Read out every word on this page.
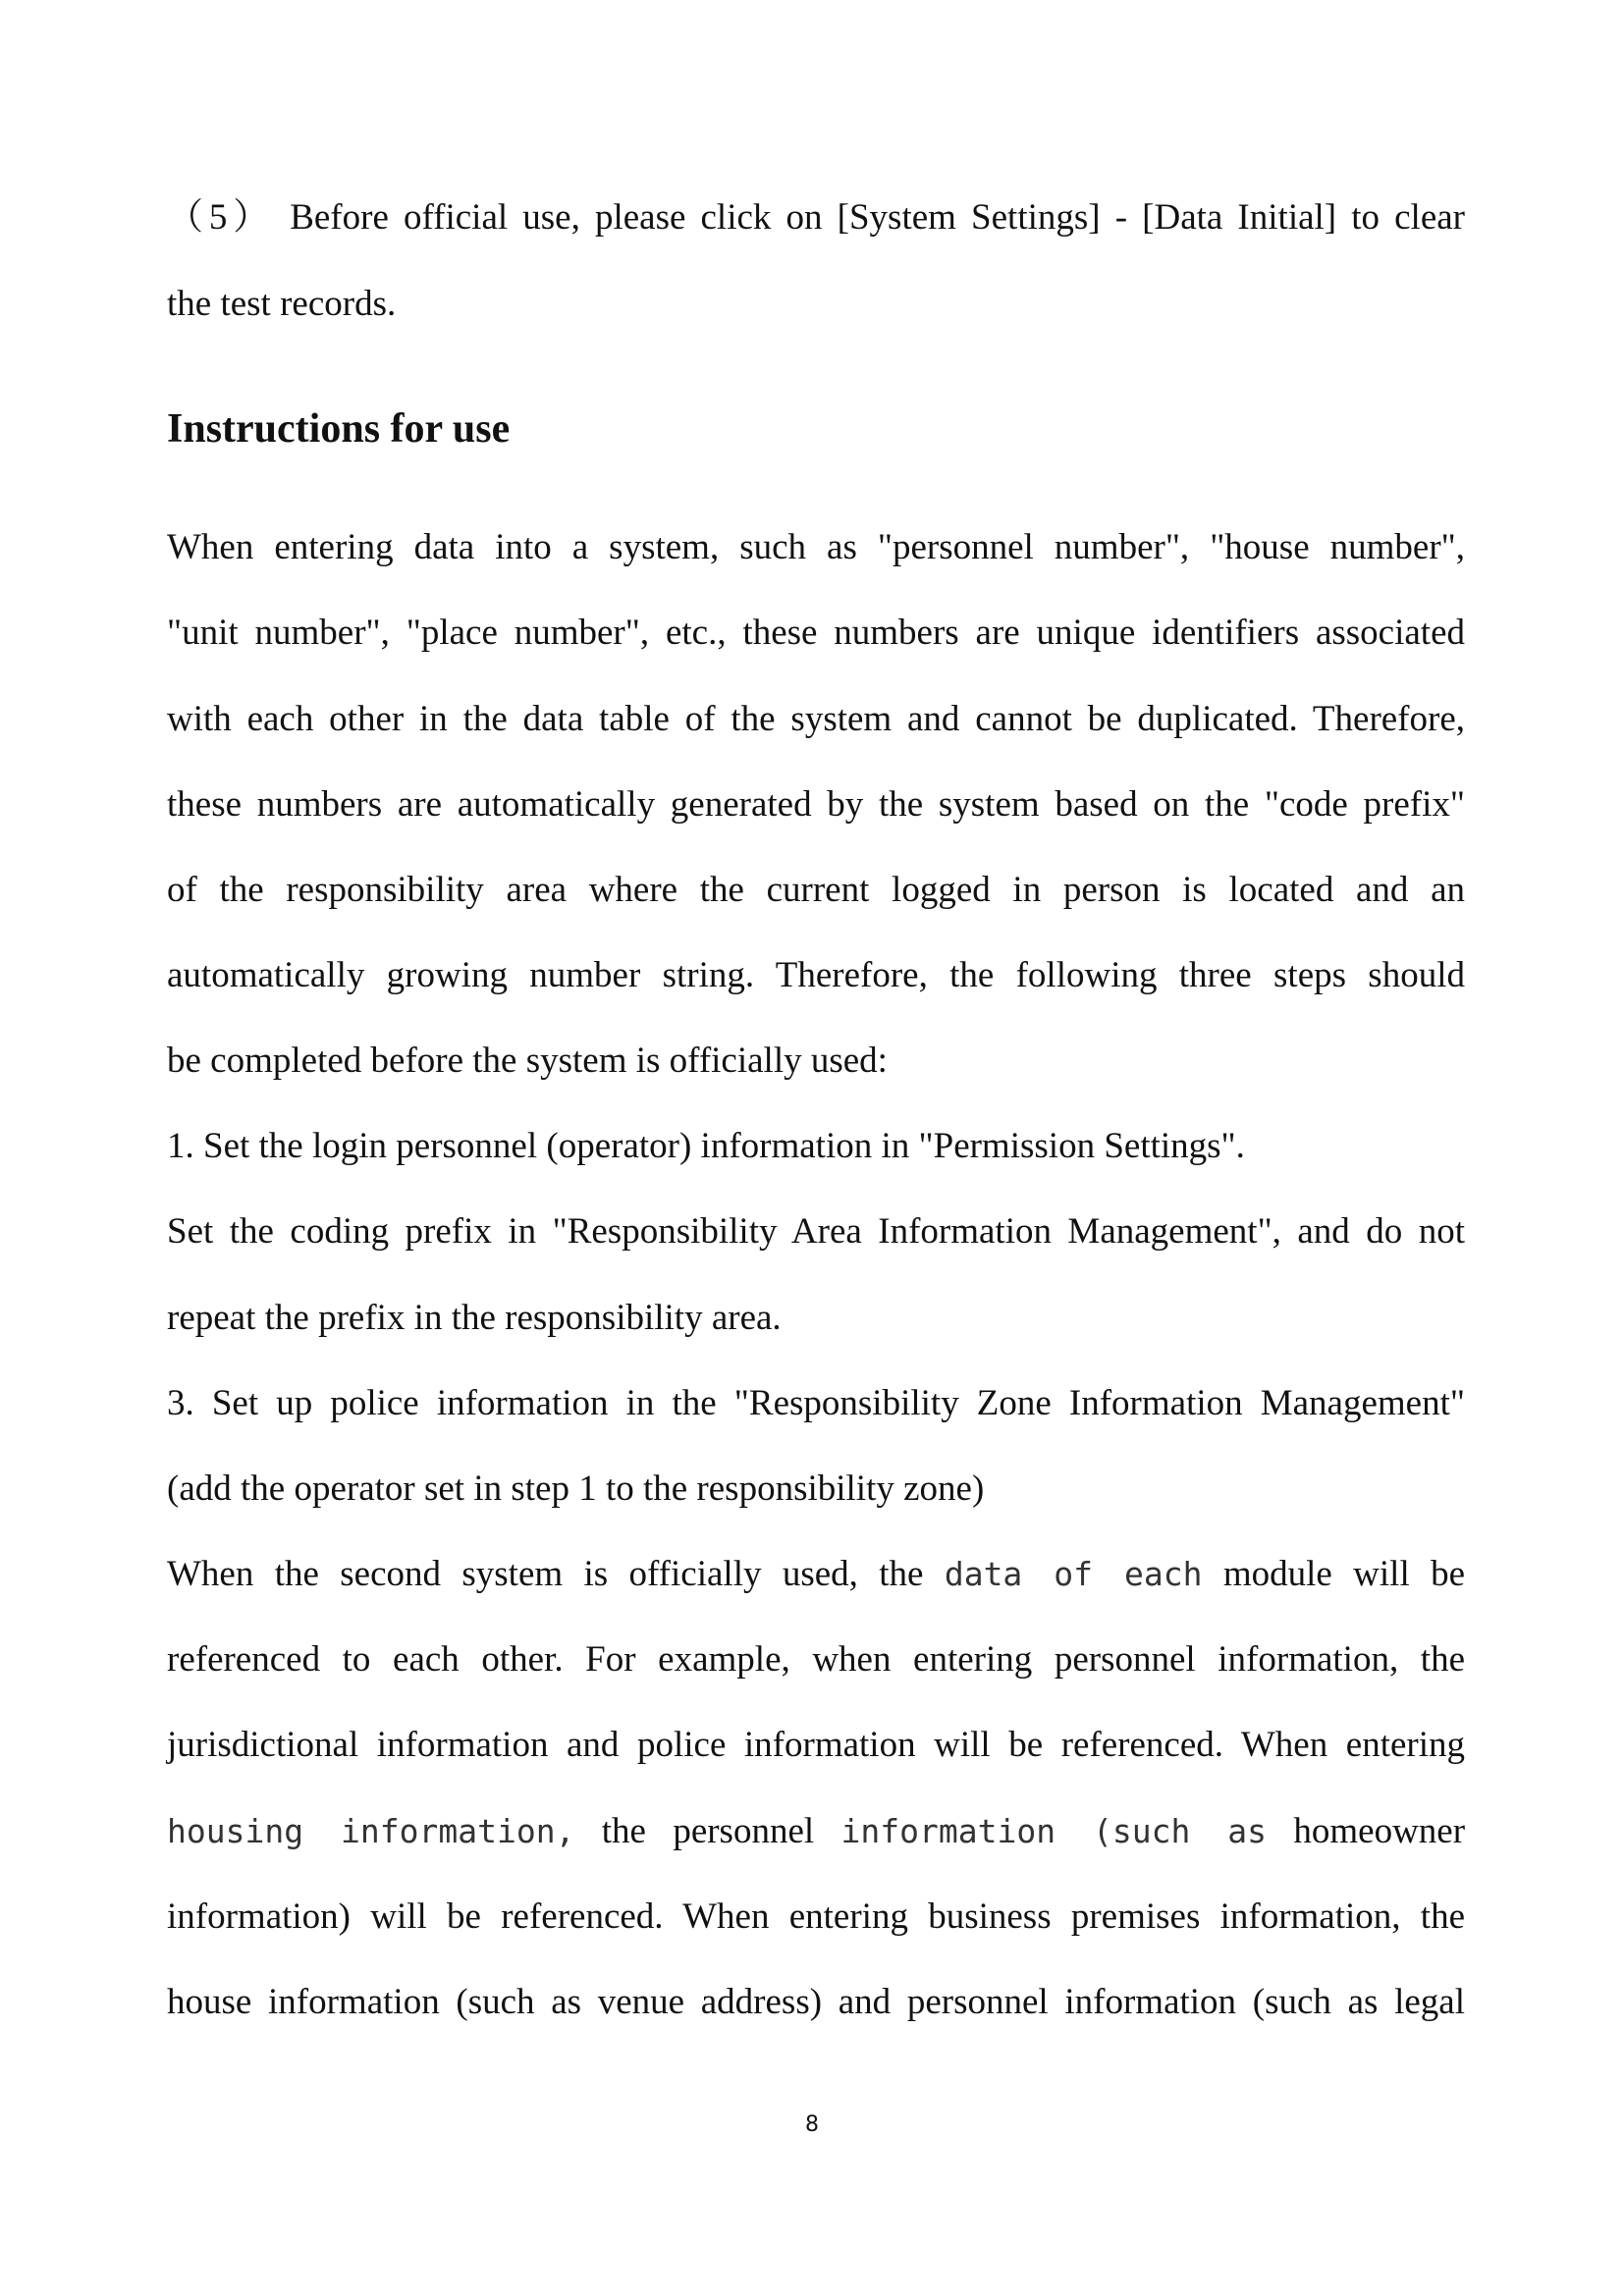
（5） Before official use, please click on [System Settings] - [Data Initial] to clear
the test records.
Instructions for use
When entering data into a system, such as "personnel number", "house number",
"unit number", "place number", etc., these numbers are unique identifiers associated
with each other in the data table of the system and cannot be duplicated. Therefore,
these numbers are automatically generated by the system based on the "code prefix"
of the responsibility area where the current logged in person is located and an
automatically growing number string. Therefore, the following three steps should
be completed before the system is officially used:
1. Set the login personnel (operator) information in "Permission Settings".
Set the coding prefix in "Responsibility Area Information Management", and do not
repeat the prefix in the responsibility area.
3. Set up police information in the "Responsibility Zone Information Management"
(add the operator set in step 1 to the responsibility zone)
When the second system is officially used, the data of each module will be
referenced to each other. For example, when entering personnel information, the
jurisdictional information and police information will be referenced. When entering
housing information, the personnel information (such as homeowner
information) will be referenced. When entering business premises information, the
house information (such as venue address) and personnel information (such as legal
8
